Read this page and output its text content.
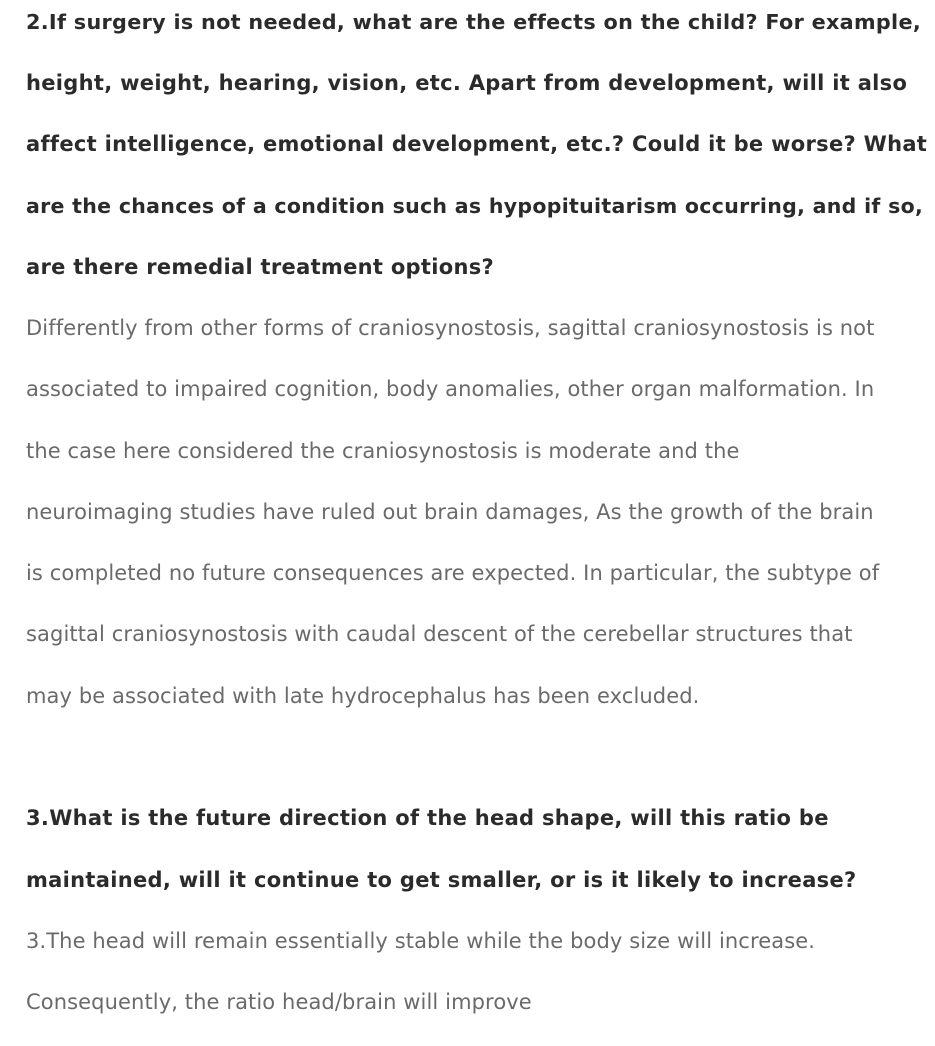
2.If surgery is not needed, what are the effects on the child? For example,
height, weight, hearing, vision, etc. Apart from development, will it also
affect intelligence, emotional development, etc.? Could it be worse? What
are the chances of a condition such as hypopituitarism occurring, and if so,
are there remedial treatment options?
Differently from other forms of craniosynostosis, sagittal craniosynostosis is not
associated to impaired cognition, body anomalies, other organ malformation. In
the case here considered the craniosynostosis is moderate and the
neuroimaging studies have ruled out brain damages, As the growth of the brain
is completed no future consequences are expected. In particular, the subtype of
sagittal craniosynostosis with caudal descent of the cerebellar structures that
may be associated with late hydrocephalus has been excluded.
3.What is the future direction of the head shape, will this ratio be
maintained, will it continue to get smaller, or is it likely to increase?
3.The head will remain essentially stable while the body size will increase.
Consequently, the ratio head/brain will improve
